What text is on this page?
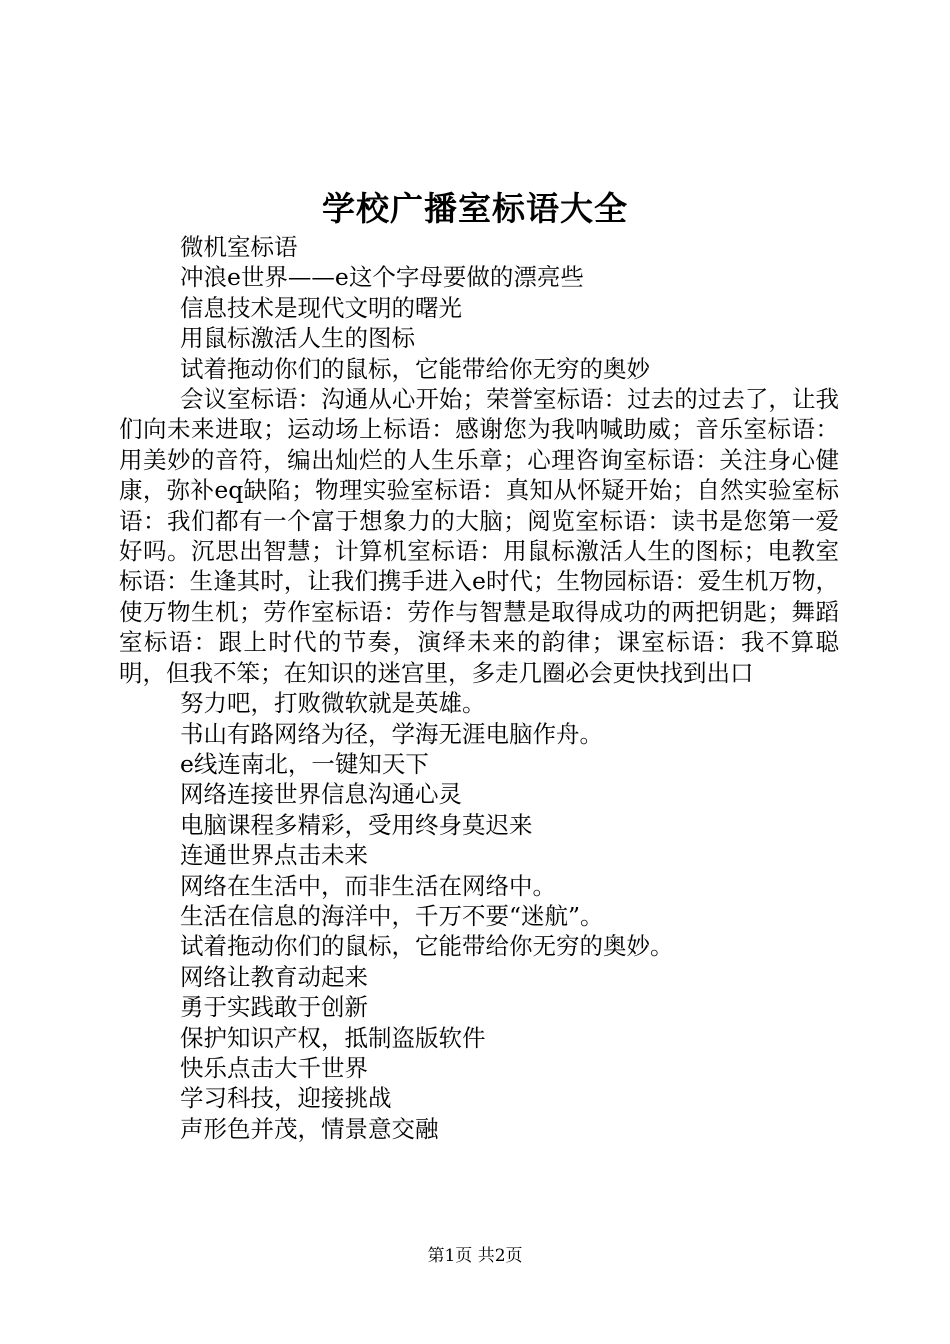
学校广播室标语大全

微机室标语

冲浪e世界——e这个字母要做的漂亮些

信息技术是现代文明的曙光

用鼠标激活人生的图标

试着拖动你们的鼠标，它能带给你无穷的奥妙

会议室标语：沟通从心开始；荣誉室标语：过去的过去了，让我们向未来进取；运动场上标语：感谢您为我呐喊助威；音乐室标语：用美妙的音符，编出灿烂的人生乐章；心理咨询室标语：关注身心健康，弥补eq缺陷；物理实验室标语：真知从怀疑开始；自然实验室标语：我们都有一个富于想象力的大脑；阅览室标语：读书是您第一爱好吗。沉思出智慧；计算机室标语：用鼠标激活人生的图标；电教室标语：生逢其时，让我们携手进入e时代；生物园标语：爱生机万物，使万物生机；劳作室标语：劳作与智慧是取得成功的两把钥匙；舞蹈室标语：跟上时代的节奏，演绎未来的韵律；课室标语：我不算聪明，但我不笨；在知识的迷宫里，多走几圈必会更快找到出口

努力吧，打败微软就是英雄。

书山有路网络为径，学海无涯电脑作舟。

e线连南北，一键知天下

网络连接世界信息沟通心灵

电脑课程多精彩，受用终身莫迟来

连通世界点击未来

网络在生活中，而非生活在网络中。

生活在信息的海洋中，千万不要“迷航”。

试着拖动你们的鼠标，它能带给你无穷的奥妙。

网络让教育动起来

勇于实践敢于创新

保护知识产权，抵制盗版软件

快乐点击大千世界

学习科技，迎接挑战

声形色并茂，情景意交融

第1页 共2页
